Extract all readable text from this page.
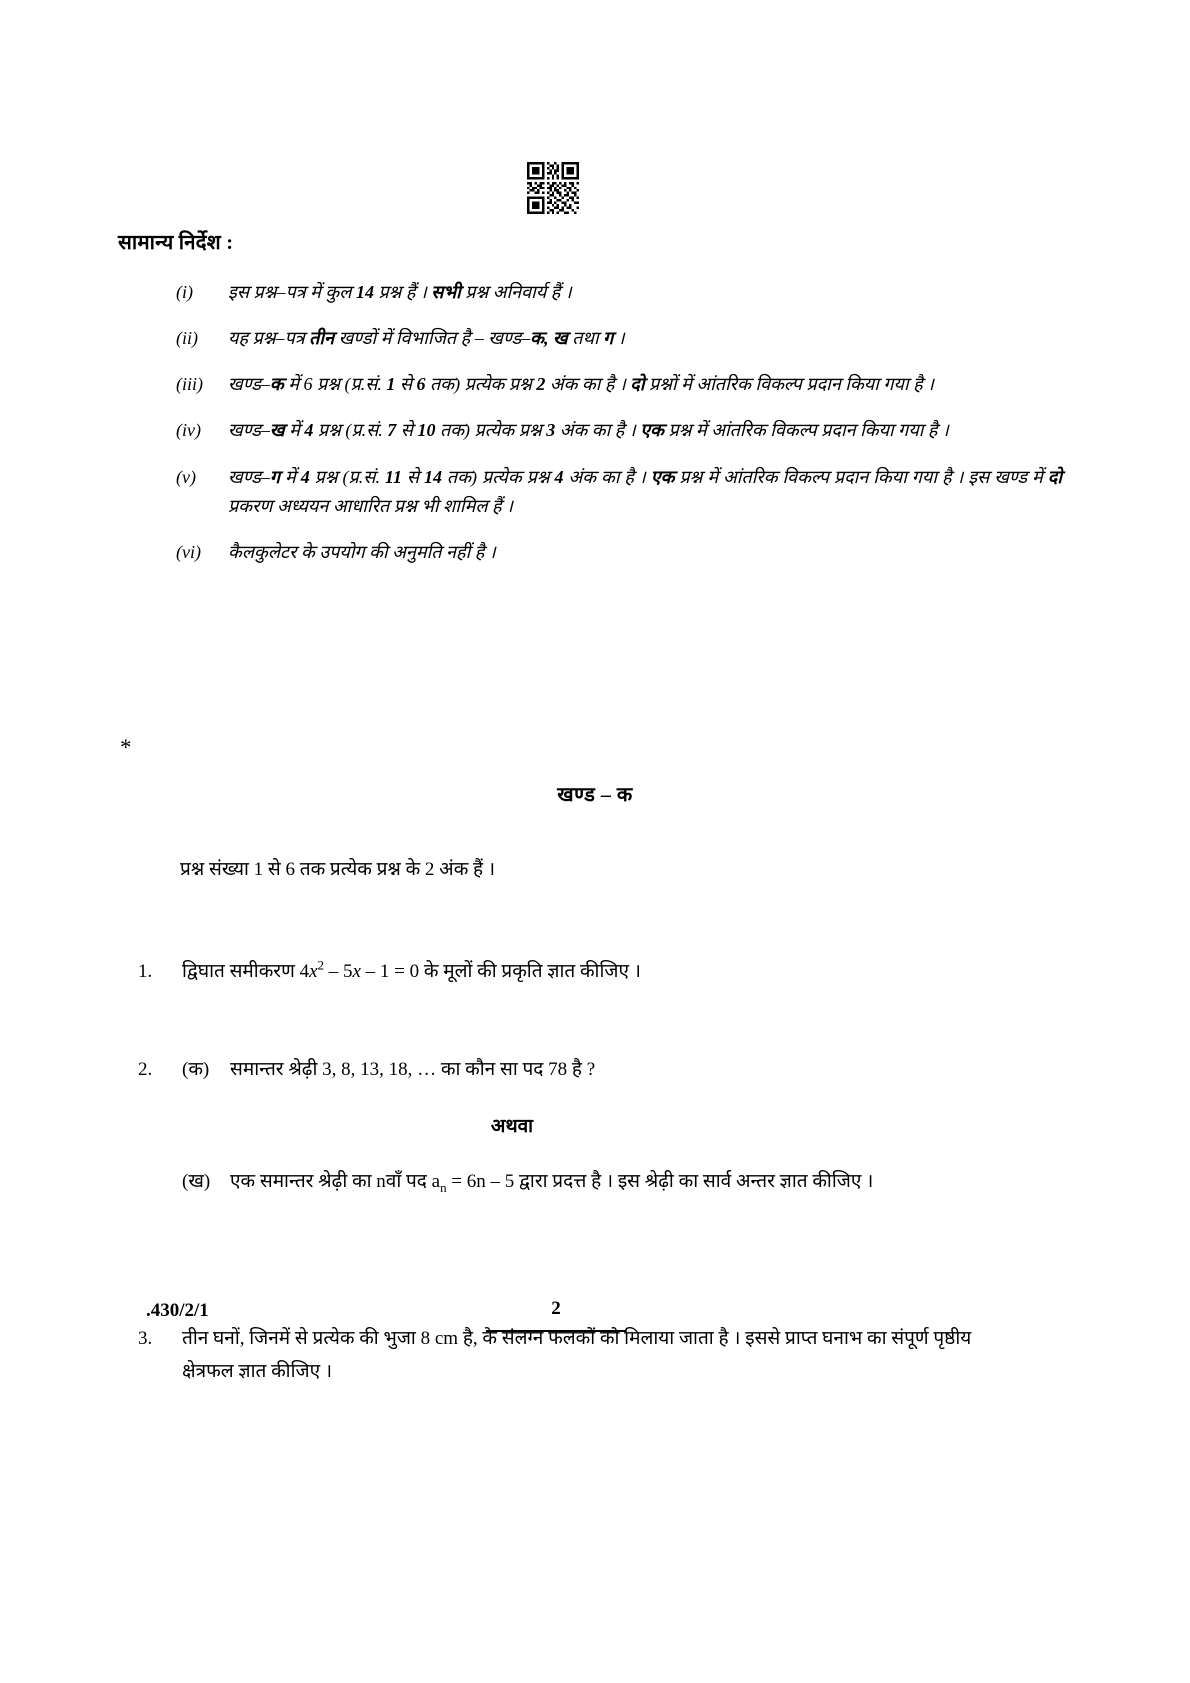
सामान्य निर्देश :
(i)	इस प्रश्न–पत्र में कुल 14 प्रश्न हैं । सभी प्रश्न अनिवार्य हैं ।
(ii)	यह प्रश्न–पत्र तीन खण्डों में विभाजित है – खण्ड–क, ख तथा ग ।
(iii)	खण्ड–क में 6 प्रश्न (प्र.सं. 1 से 6 तक) प्रत्येक प्रश्न 2 अंक का है । दो प्रश्नों में आंतरिक विकल्प प्रदान किया गया है ।
(iv)	खण्ड–ख में 4 प्रश्न (प्र.सं. 7 से 10 तक) प्रत्येक प्रश्न 3 अंक का है । एक प्रश्न में आंतरिक विकल्प प्रदान किया गया है ।
(v)	खण्ड–ग में 4 प्रश्न (प्र.सं. 11 से 14 तक) प्रत्येक प्रश्न 4 अंक का है । एक प्रश्न में आंतरिक विकल्प प्रदान किया गया है । इस खण्ड में दो प्रकरण अध्ययन आधारित प्रश्न भी शामिल हैं ।
(vi)	कैलकुलेटर के उपयोग की अनुमति नहीं है ।
*
खण्ड – क
प्रश्न संख्या 1 से 6 तक प्रत्येक प्रश्न के 2 अंक हैं ।
1.	द्विघात समीकरण $4x^2 - 5x - 1 = 0$ के मूलों की प्रकृति ज्ञात कीजिए ।
2.	(क)	समान्तर श्रेढ़ी 3, 8, 13, 18, … का कौन सा पद 78 है ?
अथवा
(ख)	एक समान्तर श्रेढ़ी का nवाँ पद $a_n = 6n - 5$ द्वारा प्रदत्त है । इस श्रेढ़ी का सार्व अन्तर ज्ञात कीजिए ।
3.	तीन घनों, जिनमें से प्रत्येक की भुजा 8 cm है, के संलग्न फलकों को मिलाया जाता है । इससे प्राप्त घनाभ का संपूर्ण पृष्ठीय क्षेत्रफल ज्ञात कीजिए ।
.430/2/1	2
